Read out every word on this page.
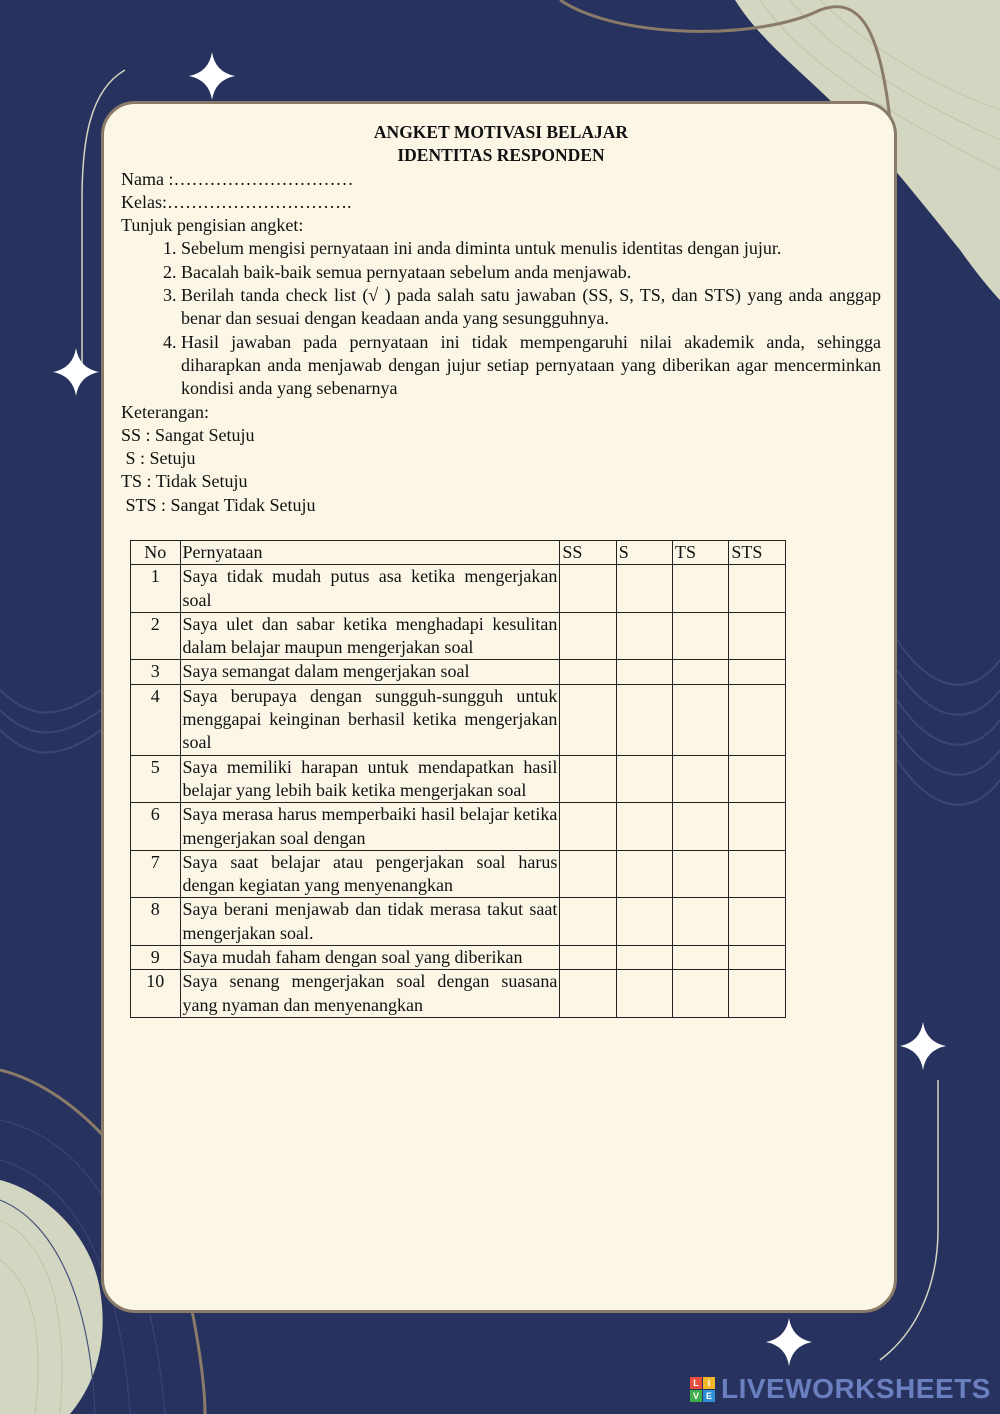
ANGKET MOTIVASI BELAJAR
IDENTITAS RESPONDEN
Nama :…………………………
Kelas:………………………….
Tunjuk pengisian angket:
1. Sebelum mengisi pernyataan ini anda diminta untuk menulis identitas dengan jujur.
2. Bacalah baik-baik semua pernyataan sebelum anda menjawab.
3. Berilah tanda check list (√ ) pada salah satu jawaban (SS, S, TS, dan STS) yang anda anggap benar dan sesuai dengan keadaan anda yang sesungguhnya.
4. Hasil jawaban pada pernyataan ini tidak mempengaruhi nilai akademik anda, sehingga diharapkan anda menjawab dengan jujur setiap pernyataan yang diberikan agar mencerminkan kondisi anda yang sebenarnya
Keterangan:
SS : Sangat Setuju
S : Setuju
TS : Tidak Setuju
STS : Sangat Tidak Setuju
No	Pernyataan	SS	S	TS	STS
1	Saya tidak mudah putus asa ketika mengerjakan soal				
2	Saya ulet dan sabar ketika menghadapi kesulitan dalam belajar maupun mengerjakan soal				
3	Saya semangat dalam mengerjakan soal				
4	Saya berupaya dengan sungguh-sungguh untuk menggapai keinginan berhasil ketika mengerjakan soal				
5	Saya memiliki harapan untuk mendapatkan hasil belajar yang lebih baik ketika mengerjakan soal				
6	Saya merasa harus memperbaiki hasil belajar ketika mengerjakan soal dengan				
7	Saya saat belajar atau pengerjakan soal harus dengan kegiatan yang menyenangkan				
8	Saya berani menjawab dan tidak merasa takut saat mengerjakan soal.				
9	Saya mudah faham dengan soal yang diberikan				
10	Saya senang mengerjakan soal dengan suasana yang nyaman dan menyenangkan				
L I
V E LIVEWORKSHEETS
